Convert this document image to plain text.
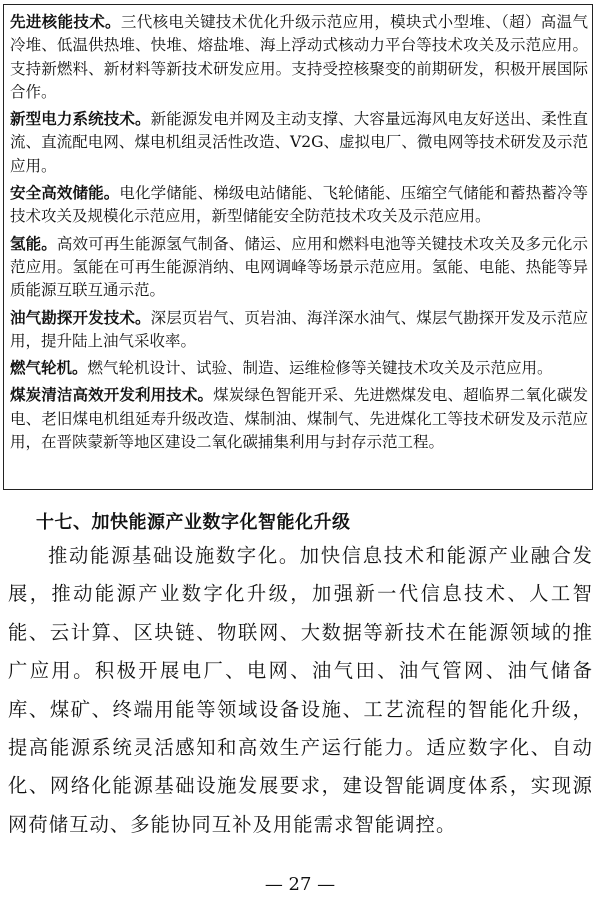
先进核能技术。三代核电关键技术优化升级示范应用，模块式小型堆、（超）高温气冷堆、低温供热堆、快堆、熔盐堆、海上浮动式核动力平台等技术攻关及示范应用。支持新燃料、新材料等新技术研发应用。支持受控核聚变的前期研发，积极开展国际合作。

新型电力系统技术。新能源发电并网及主动支撑、大容量远海风电友好送出、柔性直流、直流配电网、煤电机组灵活性改造、V2G、虚拟电厂、微电网等技术研发及示范应用。

安全高效储能。电化学储能、梯级电站储能、飞轮储能、压缩空气储能和蓄热蓄冷等技术攻关及规模化示范应用，新型储能安全防范技术攻关及示范应用。

氢能。高效可再生能源氢气制备、储运、应用和燃料电池等关键技术攻关及多元化示范应用。氢能在可再生能源消纳、电网调峰等场景示范应用。氢能、电能、热能等异质能源互联互通示范。

油气勘探开发技术。深层页岩气、页岩油、海洋深水油气、煤层气勘探开发及示范应用，提升陆上油气采收率。

燃气轮机。燃气轮机设计、试验、制造、运维检修等关键技术攻关及示范应用。

煤炭清洁高效开发利用技术。煤炭绿色智能开采、先进燃煤发电、超临界二氧化碳发电、老旧煤电机组延寿升级改造、煤制油、煤制气、先进煤化工等技术研发及示范应用，在晋陕蒙新等地区建设二氧化碳捕集利用与封存示范工程。

十七、加快能源产业数字化智能化升级

推动能源基础设施数字化。加快信息技术和能源产业融合发展，推动能源产业数字化升级，加强新一代信息技术、人工智能、云计算、区块链、物联网、大数据等新技术在能源领域的推广应用。积极开展电厂、电网、油气田、油气管网、油气储备库、煤矿、终端用能等领域设备设施、工艺流程的智能化升级，提高能源系统灵活感知和高效生产运行能力。适应数字化、自动化、网络化能源基础设施发展要求，建设智能调度体系，实现源网荷储互动、多能协同互补及用能需求智能调控。

— 27 —
